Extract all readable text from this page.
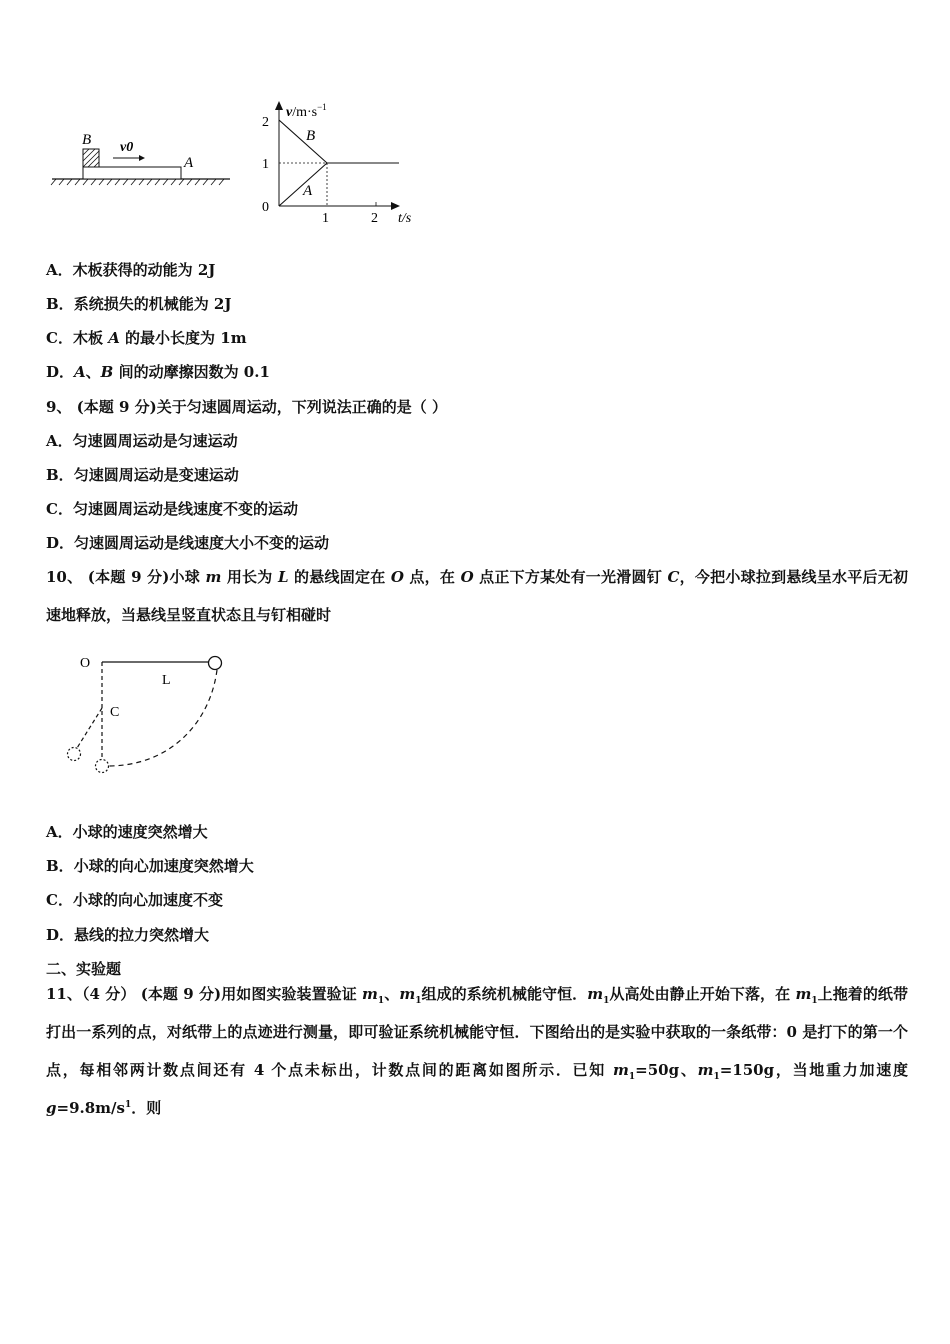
B v0
A
$v/m\cdot s^{-1}$
2
1
0
1	2 t/s
B
A
A．木板获得的动能为 2J
B．系统损失的机械能为 2J
C．木板 A 的最小长度为 1m
D．A、B 间的动摩擦因数为 0.1
9、 (本题 9 分)关于匀速圆周运动，下列说法正确的是（ ）
A．匀速圆周运动是匀速运动
B．匀速圆周运动是变速运动
C．匀速圆周运动是线速度不变的运动
D．匀速圆周运动是线速度大小不变的运动
10、 (本题 9 分)小球 m 用长为 L 的悬线固定在 O 点，在 O 点正下方某处有一光滑圆钉 C，今把小球拉到悬线呈水平后无初速地释放，当悬线呈竖直状态且与钉相碰时
O
L
C
A．小球的速度突然增大
B．小球的向心加速度突然增大
C．小球的向心加速度不变
D．悬线的拉力突然增大
二、实验题
11、（4 分） (本题 9 分)用如图实验装置验证 $m_1$、$m_1$组成的系统机械能守恒．$m_1$从高处由静止开始下落，在 $m_1$上拖着的纸带打出一系列的点，对纸带上的点迹进行测量，即可验证系统机械能守恒．下图给出的是实验中获取的一条纸带：0 是打下的第一个点，每相邻两计数点间还有 4 个点未标出，计数点间的距离如图所示．已知 $m_1=50g$、$m_1=150g$，当地重力加速度 $g=9.8m/s^1$．则
